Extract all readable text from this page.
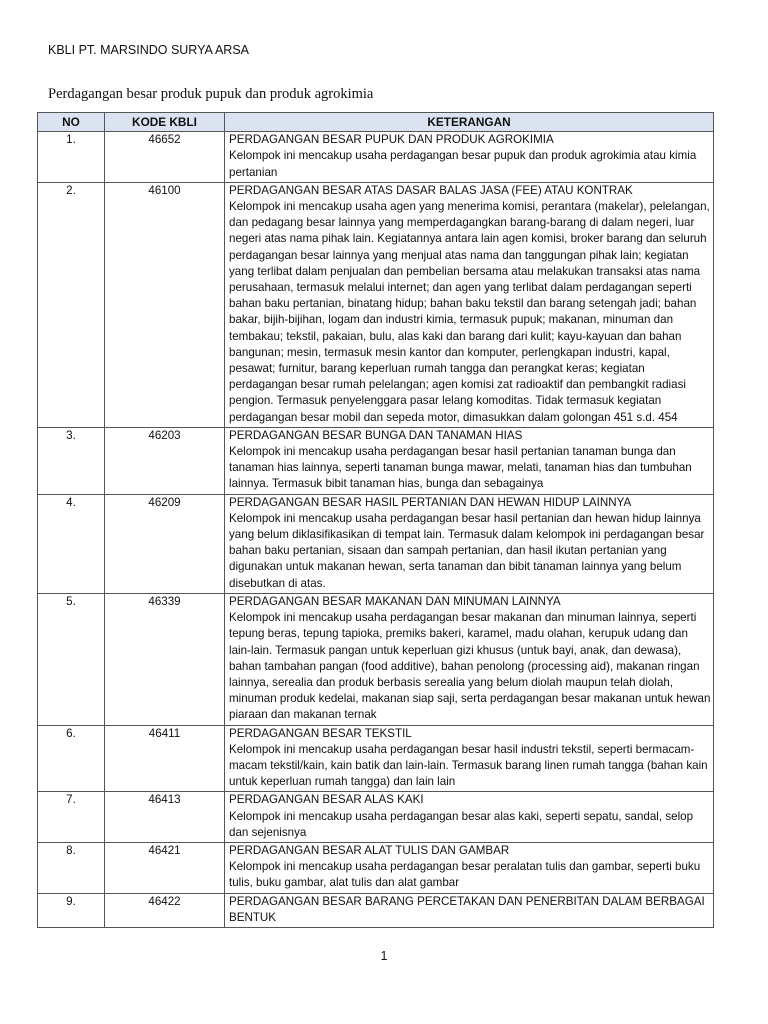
KBLI PT. MARSINDO SURYA ARSA

Perdagangan besar produk pupuk dan produk agrokimia

NO	KODE KBLI	KETERANGAN
1.	46652	PERDAGANGAN BESAR PUPUK DAN PRODUK AGROKIMIA
Kelompok ini mencakup usaha perdagangan besar pupuk dan produk agrokimia atau kimia pertanian

2.	46100	PERDAGANGAN BESAR ATAS DASAR BALAS JASA (FEE) ATAU KONTRAK
Kelompok ini mencakup usaha agen yang menerima komisi, perantara (makelar), pelelangan, dan pedagang besar lainnya yang memperdagangkan barang-barang di dalam negeri, luar negeri atas nama pihak lain. Kegiatannya antara lain agen komisi, broker barang dan seluruh perdagangan besar lainnya yang menjual atas nama dan tanggungan pihak lain; kegiatan yang terlibat dalam penjualan dan pembelian bersama atau melakukan transaksi atas nama perusahaan, termasuk melalui internet; dan agen yang terlibat dalam perdagangan seperti bahan baku pertanian, binatang hidup; bahan baku tekstil dan barang setengah jadi; bahan bakar, bijih-bijihan, logam dan industri kimia, termasuk pupuk; makanan, minuman dan tembakau; tekstil, pakaian, bulu, alas kaki dan barang dari kulit; kayu-kayuan dan bahan bangunan; mesin, termasuk mesin kantor dan komputer, perlengkapan industri, kapal, pesawat; furnitur, barang keperluan rumah tangga dan perangkat keras; kegiatan perdagangan besar rumah pelelangan; agen komisi zat radioaktif dan pembangkit radiasi pengion. Termasuk penyelenggara pasar lelang komoditas. Tidak termasuk kegiatan perdagangan besar mobil dan sepeda motor, dimasukkan dalam golongan 451 s.d. 454

3.	46203	PERDAGANGAN BESAR BUNGA DAN TANAMAN HIAS
Kelompok ini mencakup usaha perdagangan besar hasil pertanian tanaman bunga dan tanaman hias lainnya, seperti tanaman bunga mawar, melati, tanaman hias dan tumbuhan lainnya. Termasuk bibit tanaman hias, bunga dan sebagainya

4.	46209	PERDAGANGAN BESAR HASIL PERTANIAN DAN HEWAN HIDUP LAINNYA
Kelompok ini mencakup usaha perdagangan besar hasil pertanian dan hewan hidup lainnya yang belum diklasifikasikan di tempat lain. Termasuk dalam kelompok ini perdagangan besar bahan baku pertanian, sisaan dan sampah pertanian, dan hasil ikutan pertanian yang digunakan untuk makanan hewan, serta tanaman dan bibit tanaman lainnya yang belum disebutkan di atas.

5.	46339	PERDAGANGAN BESAR MAKANAN DAN MINUMAN LAINNYA
Kelompok ini mencakup usaha perdagangan besar makanan dan minuman lainnya, seperti tepung beras, tepung tapioka, premiks bakeri, karamel, madu olahan, kerupuk udang dan lain-lain. Termasuk pangan untuk keperluan gizi khusus (untuk bayi, anak, dan dewasa), bahan tambahan pangan (food additive), bahan penolong (processing aid), makanan ringan lainnya, serealia dan produk berbasis serealia yang belum diolah maupun telah diolah, minuman produk kedelai, makanan siap saji, serta perdagangan besar makanan untuk hewan piaraan dan makanan ternak

6.	46411	PERDAGANGAN BESAR TEKSTIL
Kelompok ini mencakup usaha perdagangan besar hasil industri tekstil, seperti bermacam-macam tekstil/kain, kain batik dan lain-lain. Termasuk barang linen rumah tangga (bahan kain untuk keperluan rumah tangga) dan lain lain

7.	46413	PERDAGANGAN BESAR ALAS KAKI
Kelompok ini mencakup usaha perdagangan besar alas kaki, seperti sepatu, sandal, selop dan sejenisnya

8.	46421	PERDAGANGAN BESAR ALAT TULIS DAN GAMBAR
Kelompok ini mencakup usaha perdagangan besar peralatan tulis dan gambar, seperti buku tulis, buku gambar, alat tulis dan alat gambar

9.	46422	PERDAGANGAN BESAR BARANG PERCETAKAN DAN PENERBITAN DALAM BERBAGAI BENTUK

1
